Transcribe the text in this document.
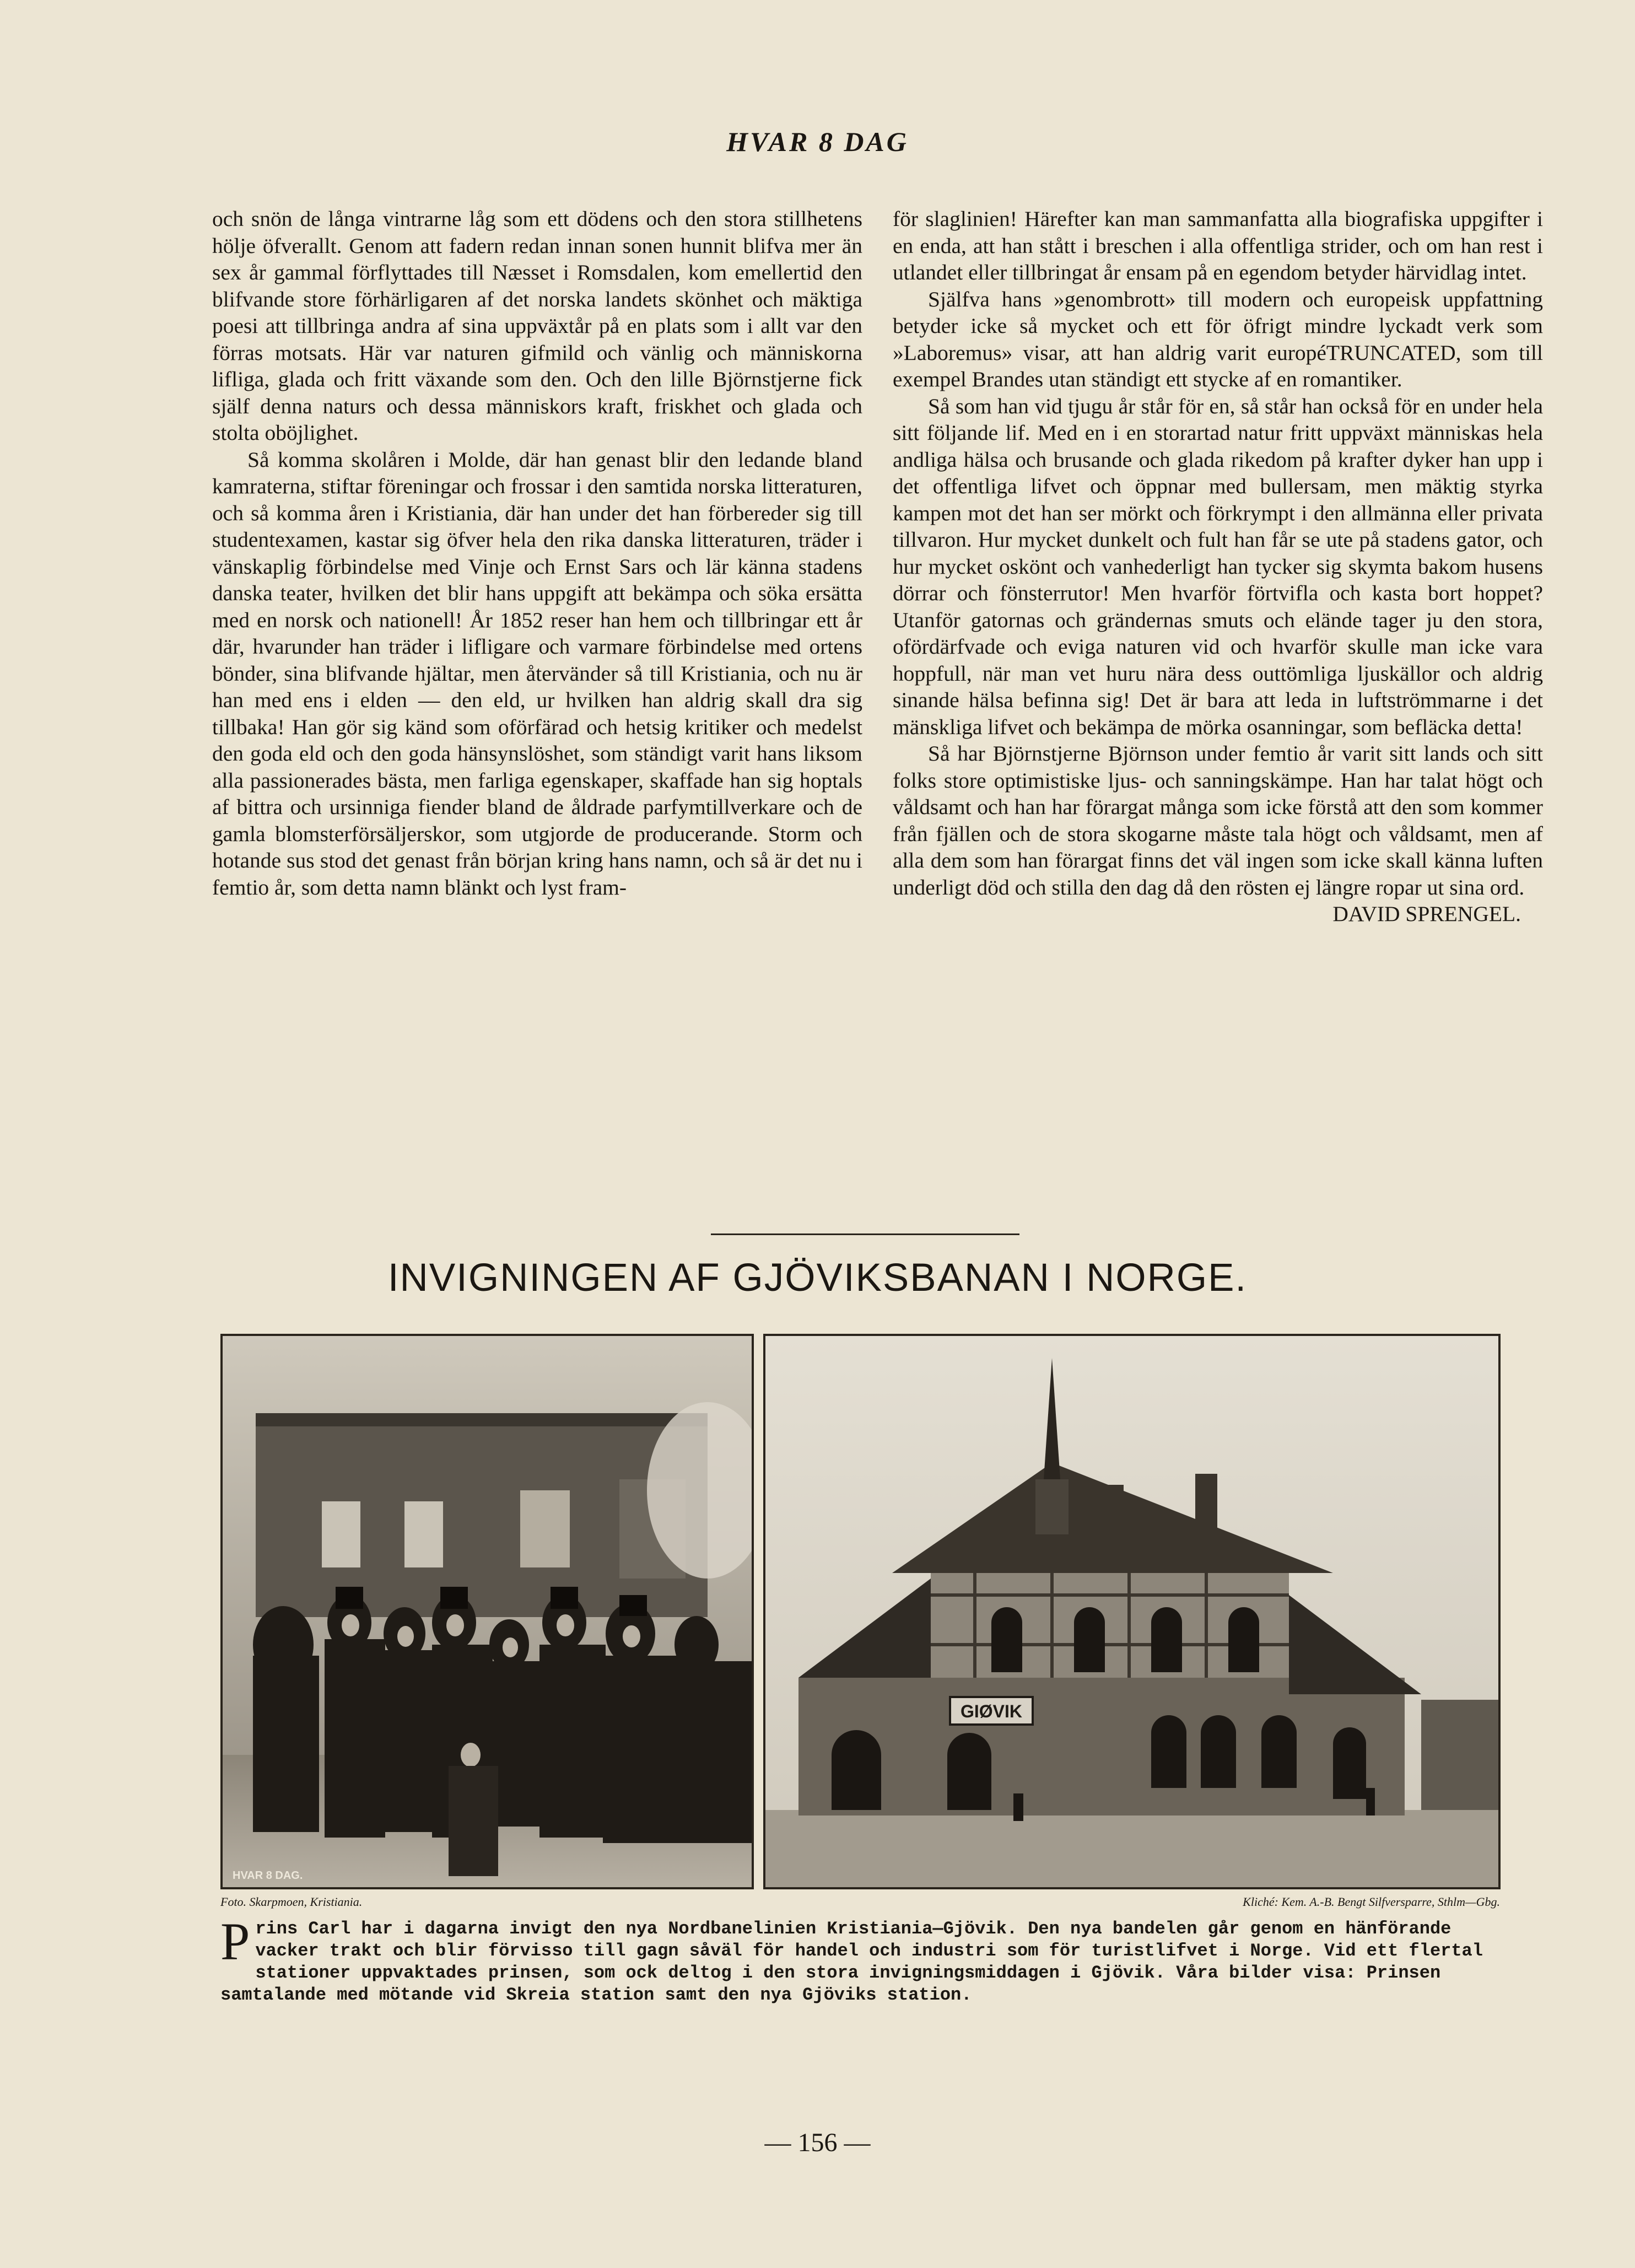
HVAR 8 DAG

och snön de långa vintrarne låg som ett dödens och den stora stillhetens hölje öfverallt. Genom att fadern redan innan sonen hunnit blifva mer än sex år gammal förflyttades till Næsset i Romsdalen, kom emellertid den blifvande store förhärligaren af det norska landets skönhet och mäktiga poesi att tillbringa andra af sina uppväxtår på en plats som i allt var den förras motsats. Här var naturen gifmild och vänlig och människorna lifliga, glada och fritt växande som den. Och den lille Björnstjerne fick själf denna naturs och dessa människors kraft, friskhet och glada och stolta oböjlighet.

Så komma skolåren i Molde, där han genast blir den ledande bland kamraterna, stiftar föreningar och frossar i den samtida norska litteraturen, och så komma åren i Kristiania, där han under det han förbereder sig till studentexamen, kastar sig öfver hela den rika danska litteraturen, träder i vänskaplig förbindelse med Vinje och Ernst Sars och lär känna stadens danska teater, hvilken det blir hans uppgift att bekämpa och söka ersätta med en norsk och nationell! År 1852 reser han hem och tillbringar ett år där, hvarunder han träder i lifligare och varmare förbindelse med ortens bönder, sina blifvande hjältar, men återvänder så till Kristiania, och nu är han med ens i elden — den eld, ur hvilken han aldrig skall dra sig tillbaka! Han gör sig känd som oförfärad och hetsig kritiker och medelst den goda eld och den goda hänsynslöshet, som ständigt varit hans liksom alla passionerades bästa, men farliga egenskaper, skaffade han sig hoptals af bittra och ursinniga fiender bland de åldrade parfymtillverkare och de gamla blomsterförsäljerskor, som utgjorde de producerande. Storm och hotande sus stod det genast från början kring hans namn, och så är det nu i femtio år, som detta namn blänkt och lyst fram-

för slaglinien! Härefter kan man sammanfatta alla biografiska uppgifter i en enda, att han stått i breschen i alla offentliga strider, och om han rest i utlandet eller tillbringat år ensam på en egendom betyder härvidlag intet.

Själfva hans »genombrott» till modern och europeisk uppfattning betyder icke så mycket och ett för öfrigt mindre lyckadt verk som »Laboremus» visar, att han aldrig varit européTRUNCATED, som till exempel Brandes utan ständigt ett stycke af en romantiker.

Så som han vid tjugu år står för en, så står han också för en under hela sitt följande lif. Med en i en storartad natur fritt uppväxt människas hela andliga hälsa och brusande och glada rikedom på krafter dyker han upp i det offentliga lifvet och öppnar med bullersam, men mäktig styrka kampen mot det han ser mörkt och förkrympt i den allmänna eller privata tillvaron. Hur mycket dunkelt och fult han får se ute på stadens gator, och hur mycket oskönt och vanhederligt han tycker sig skymta bakom husens dörrar och fönsterrutor! Men hvarför förtvifla och kasta bort hoppet? Utanför gatornas och grändernas smuts och elände tager ju den stora, ofördärfvade och eviga naturen vid och hvarför skulle man icke vara hoppfull, när man vet huru nära dess outtömliga ljuskällor och aldrig sinande hälsa befinna sig! Det är bara att leda in luftströmmarne i det mänskliga lifvet och bekämpa de mörka osanningar, som befläcka detta!

Så har Björnstjerne Björnson under femtio år varit sitt lands och sitt folks store optimistiske ljus- och sanningskämpe. Han har talat högt och våldsamt och han har förargat många som icke förstå att den som kommer från fjällen och de stora skogarne måste tala högt och våldsamt, men af alla dem som han förargat finns det väl ingen som icke skall känna luften underligt död och stilla den dag då den rösten ej längre ropar ut sina ord.

DAVID SPRENGEL.

INVIGNINGEN AF GJÖVIKSBANAN I NORGE.
HVAR 8 DAG.
GIØVIK
Foto. Skarpmoen, Kristiania.	Kliché: Kem. A.-B. Bengt Silfversparre, Sthlm—Gbg.
P rins Carl har i dagarna invigt den nya Nordbanelinien Kristiania—Gjövik. Den nya bandelen går genom en hänförande vacker trakt och blir förvisso till gagn såväl för handel och industri som för turistlifvet i Norge. Vid ett flertal stationer uppvaktades prinsen, som ock deltog i den stora invigningsmiddagen i Gjövik. Våra bilder visa: Prinsen samtalande med mötande vid Skreia station samt den nya Gjöviks station.
— 156 —
